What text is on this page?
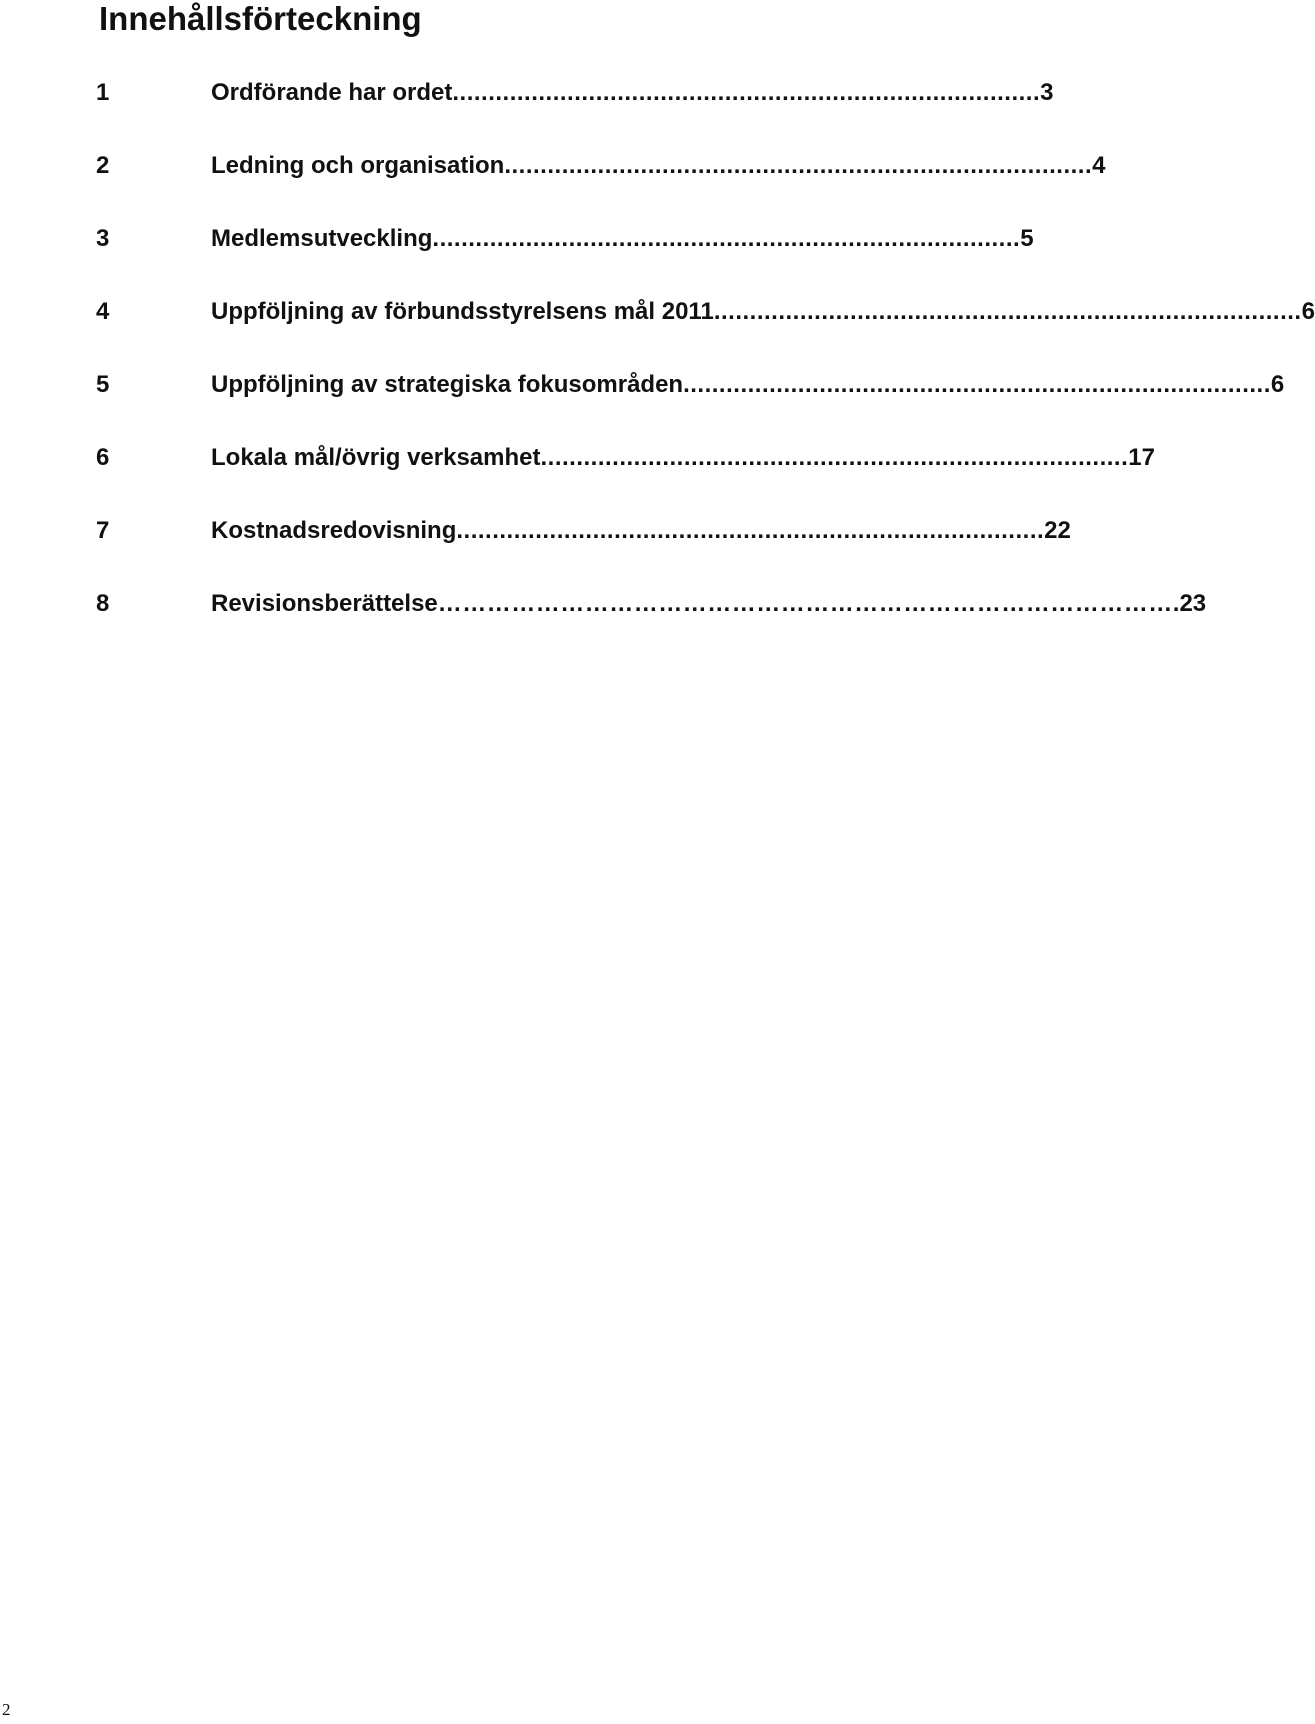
Innehållsförteckning
1	Ordförande har ordet .................................................................................. 3
2	Ledning och organisation .................................................................................. 4
3	Medlemsutveckling .................................................................................. 5
4	Uppföljning av förbundsstyrelsens mål 2011 .................................................................................. 6
5	Uppföljning av strategiska fokusområden .................................................................................. 6
6	Lokala mål/övrig verksamhet .................................................................................. 17
7	Kostnadsredovisning .................................................................................. 22
8	Revisionsberättelse ……………………………………………………………………………… .23
2
